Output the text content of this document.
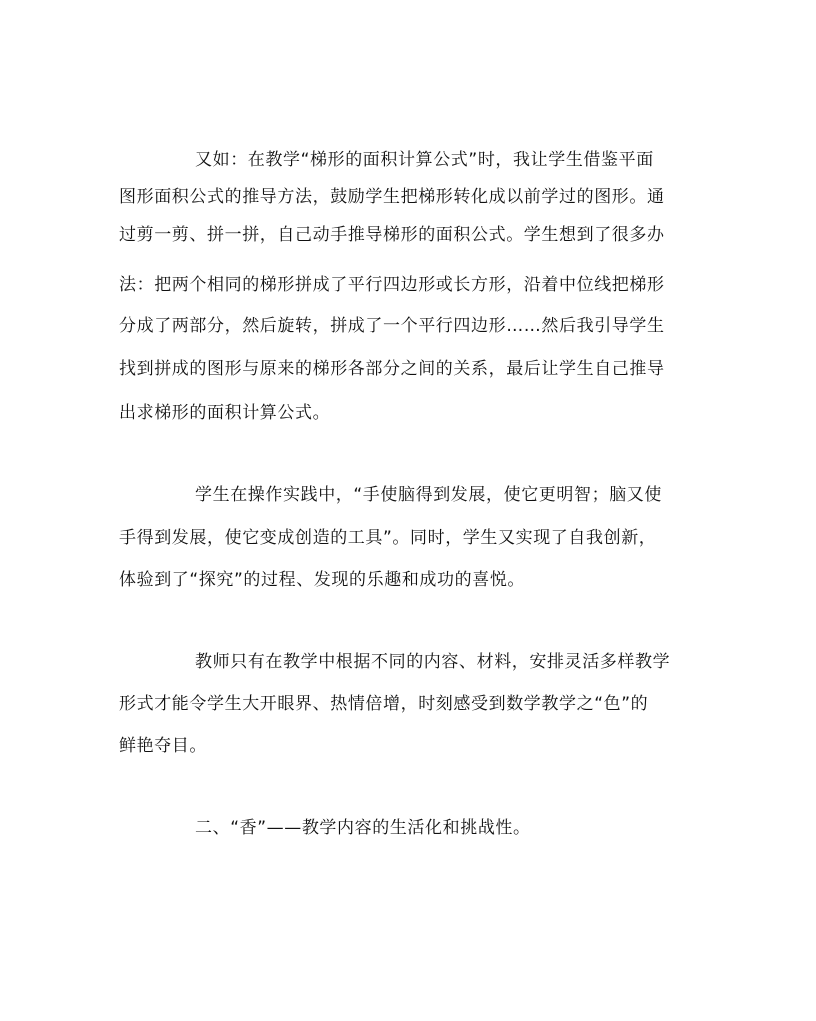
又如：在教学“梯形的面积计算公式”时，我让学生借鉴平面
图形面积公式的推导方法，鼓励学生把梯形转化成以前学过的图形。通
过剪一剪、拼一拼，自己动手推导梯形的面积公式。学生想到了很多办
法：把两个相同的梯形拼成了平行四边形或长方形，沿着中位线把梯形
分成了两部分，然后旋转，拼成了一个平行四边形……然后我引导学生
找到拼成的图形与原来的梯形各部分之间的关系，最后让学生自己推导
出求梯形的面积计算公式。
学生在操作实践中，“手使脑得到发展，使它更明智；脑又使
手得到发展，使它变成创造的工具”。同时，学生又实现了自我创新，
体验到了“探究”的过程、发现的乐趣和成功的喜悦。
教师只有在教学中根据不同的内容、材料，安排灵活多样教学
形式才能令学生大开眼界、热情倍增，时刻感受到数学教学之“色”的
鲜艳夺目。
二、“香”——教学内容的生活化和挑战性。
